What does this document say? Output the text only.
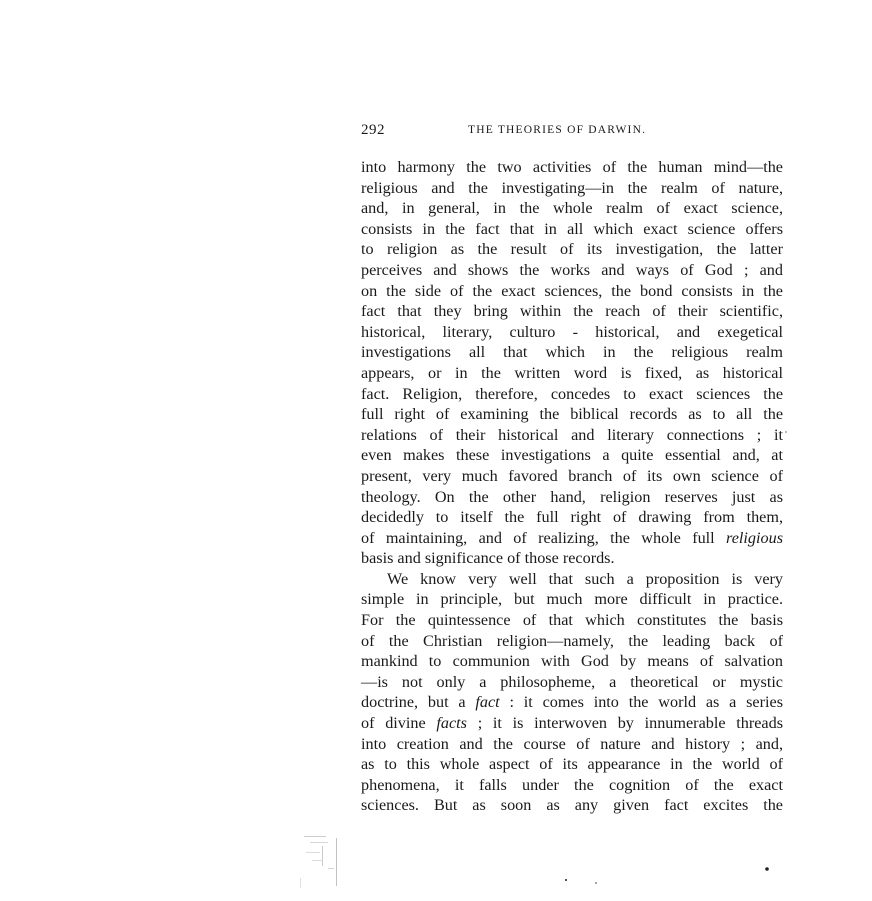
292	THE THEORIES OF DARWIN.
into harmony the two activities of the human mind—the
religious and the investigating—in the realm of nature,
and, in general, in the whole realm of exact science,
consists in the fact that in all which exact science offers
to religion as the result of its investigation, the latter
perceives and shows the works and ways of God ; and
on the side of the exact sciences, the bond consists in the
fact that they bring within the reach of their scientific,
historical, literary, culturo - historical, and exegetical
investigations all that which in the religious realm
appears, or in the written word is fixed, as historical
fact. Religion, therefore, concedes to exact sciences the
full right of examining the biblical records as to all the
relations of their historical and literary connections ; it
even makes these investigations a quite essential and, at
present, very much favored branch of its own science of
theology. On the other hand, religion reserves just as
decidedly to itself the full right of drawing from them,
of maintaining, and of realizing, the whole full religious
basis and significance of those records.
We know very well that such a proposition is very
simple in principle, but much more difficult in practice.
For the quintessence of that which constitutes the basis
of the Christian religion—namely, the leading back of
mankind to communion with God by means of salvation
—is not only a philosopheme, a theoretical or mystic
doctrine, but a fact : it comes into the world as a series
of divine facts ; it is interwoven by innumerable threads
into creation and the course of nature and history ; and,
as to this whole aspect of its appearance in the world of
phenomena, it falls under the cognition of the exact
sciences. But as soon as any given fact excites the
